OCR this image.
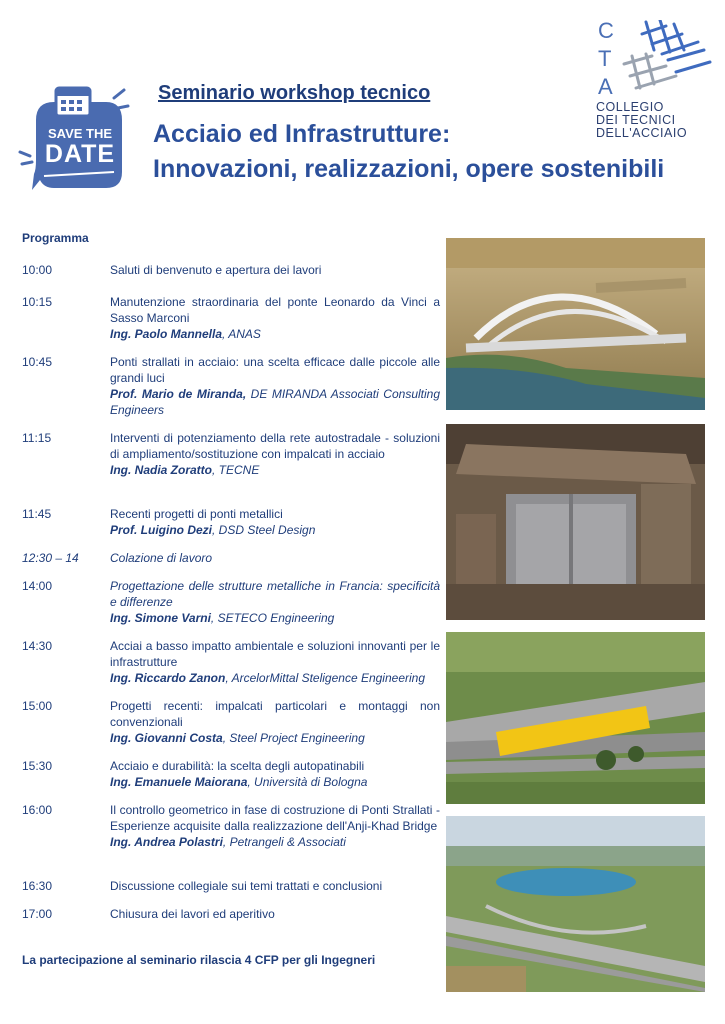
SAVE THE
DATE
Seminario workshop tecnico
Acciaio ed Infrastrutture:
Innovazioni, realizzazioni, opere sostenibili
C
T
A
COLLEGIO
DEI TECNICI
DELL'ACCIAIO
Programma
10:00	Saluti di benvenuto e apertura dei lavori
10:15	Manutenzione straordinaria del ponte Leonardo da Vinci a Sasso Marconi
Ing. Paolo Mannella, ANAS
10:45	Ponti strallati in acciaio: una scelta efficace dalle piccole alle grandi luci
Prof. Mario de Miranda, DE MIRANDA Associati Consulting Engineers
11:15	Interventi di potenziamento della rete autostradale - soluzioni di ampliamento/sostituzione con impalcati in acciaio
Ing. Nadia Zoratto, TECNE
11:45	Recenti progetti di ponti metallici
Prof. Luigino Dezi, DSD Steel Design
12:30 – 14	Colazione di lavoro
14:00	Progettazione delle strutture metalliche in Francia: specificità e differenze
Ing. Simone Varni, SETECO Engineering
14:30	Acciai a basso impatto ambientale e soluzioni innovanti per le infrastrutture
Ing. Riccardo Zanon, ArcelorMittal Steligence Engineering
15:00	Progetti recenti: impalcati particolari e montaggi non convenzionali
Ing. Giovanni Costa, Steel Project Engineering
15:30	Acciaio e durabilità: la scelta degli autopatinabili
Ing. Emanuele Maiorana, Università di Bologna
16:00	Il controllo geometrico in fase di costruzione di Ponti Strallati - Esperienze acquisite dalla realizzazione dell'Anji-Khad Bridge
Ing. Andrea Polastri, Petrangeli & Associati
16:30	Discussione collegiale sui temi trattati e conclusioni
17:00	Chiusura dei lavori ed aperitivo
La partecipazione al seminario rilascia 4 CFP per gli Ingegneri
